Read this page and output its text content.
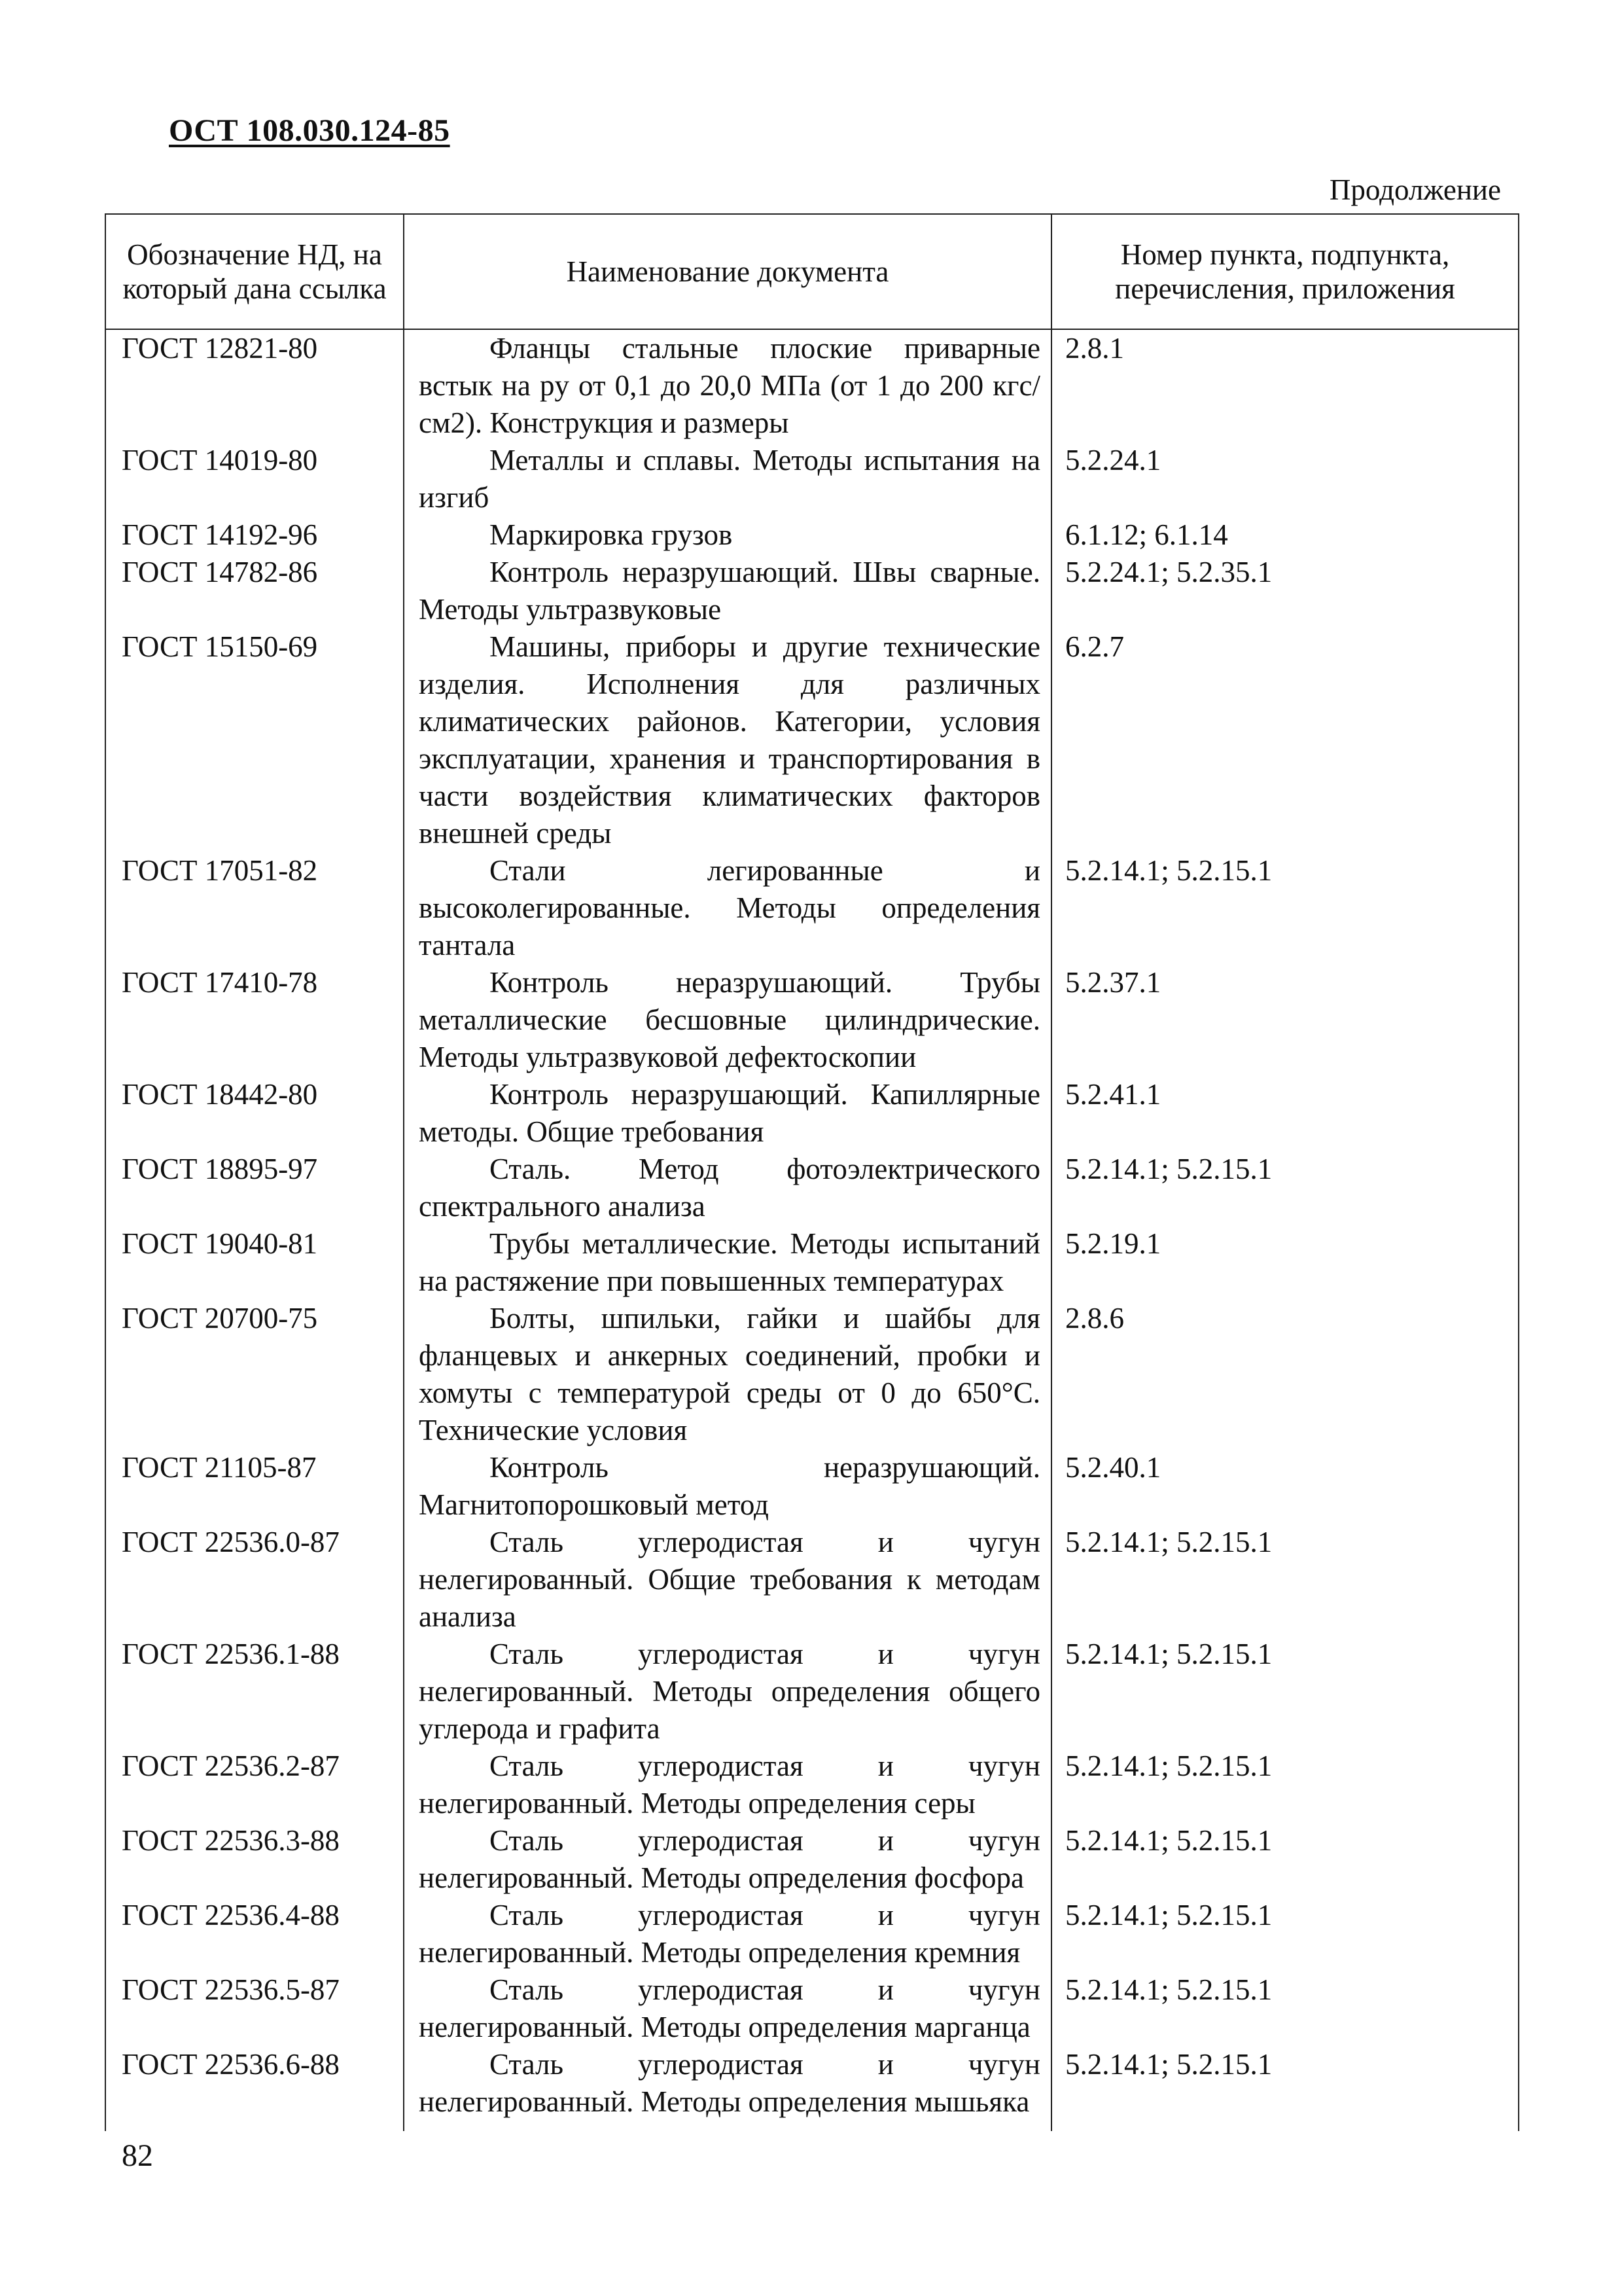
ОСТ 108.030.124-85
Продолжение
Обозначение НД, на который дана ссылка	Наименование документа	Номер пункта, подпункта, перечисления, приложения
ГОСТ 12821-80	Фланцы стальные плоские приварные встык на py от 0,1 до 20,0 МПа (от 1 до 200 кгс/см2). Конструкция и размеры	2.8.1
ГОСТ 14019-80	Металлы и сплавы. Методы испытания на изгиб	5.2.24.1
ГОСТ 14192-96	Маркировка грузов	6.1.12; 6.1.14
ГОСТ 14782-86	Контроль неразрушающий. Швы сварные. Методы ультразвуковые	5.2.24.1; 5.2.35.1
ГОСТ 15150-69	Машины, приборы и другие технические изделия. Исполнения для различных климатических районов. Категории, условия эксплуатации, хранения и транспортирования в части воздействия климатических факторов внешней среды	6.2.7
ГОСТ 17051-82	Стали легированные и высоколегированные. Методы определения тантала	5.2.14.1; 5.2.15.1
ГОСТ 17410-78	Контроль неразрушающий. Трубы металлические бесшовные цилиндрические. Методы ультразвуковой дефектоскопии	5.2.37.1
ГОСТ 18442-80	Контроль неразрушающий. Капиллярные методы. Общие требования	5.2.41.1
ГОСТ 18895-97	Сталь. Метод фотоэлектрического спектрального анализа	5.2.14.1; 5.2.15.1
ГОСТ 19040-81	Трубы металлические. Методы испытаний на растяжение при повышенных температурах	5.2.19.1
ГОСТ 20700-75	Болты, шпильки, гайки и шайбы для фланцевых и анкерных соединений, пробки и хомуты с температурой среды от 0 до 650°С. Технические условия	2.8.6
ГОСТ 21105-87	Контроль неразрушающий. Магнитопорошковый метод	5.2.40.1
ГОСТ 22536.0-87	Сталь углеродистая и чугун нелегированный. Общие требования к методам анализа	5.2.14.1; 5.2.15.1
ГОСТ 22536.1-88	Сталь углеродистая и чугун нелегированный. Методы определения общего углерода и графита	5.2.14.1; 5.2.15.1
ГОСТ 22536.2-87	Сталь углеродистая и чугун нелегированный. Методы определения серы	5.2.14.1; 5.2.15.1
ГОСТ 22536.3-88	Сталь углеродистая и чугун нелегированный. Методы определения фосфора	5.2.14.1; 5.2.15.1
ГОСТ 22536.4-88	Сталь углеродистая и чугун нелегированный. Методы определения кремния	5.2.14.1; 5.2.15.1
ГОСТ 22536.5-87	Сталь углеродистая и чугун нелегированный. Методы определения марганца	5.2.14.1; 5.2.15.1
ГОСТ 22536.6-88	Сталь углеродистая и чугун нелегированный. Методы определения мышьяка	5.2.14.1; 5.2.15.1
82
